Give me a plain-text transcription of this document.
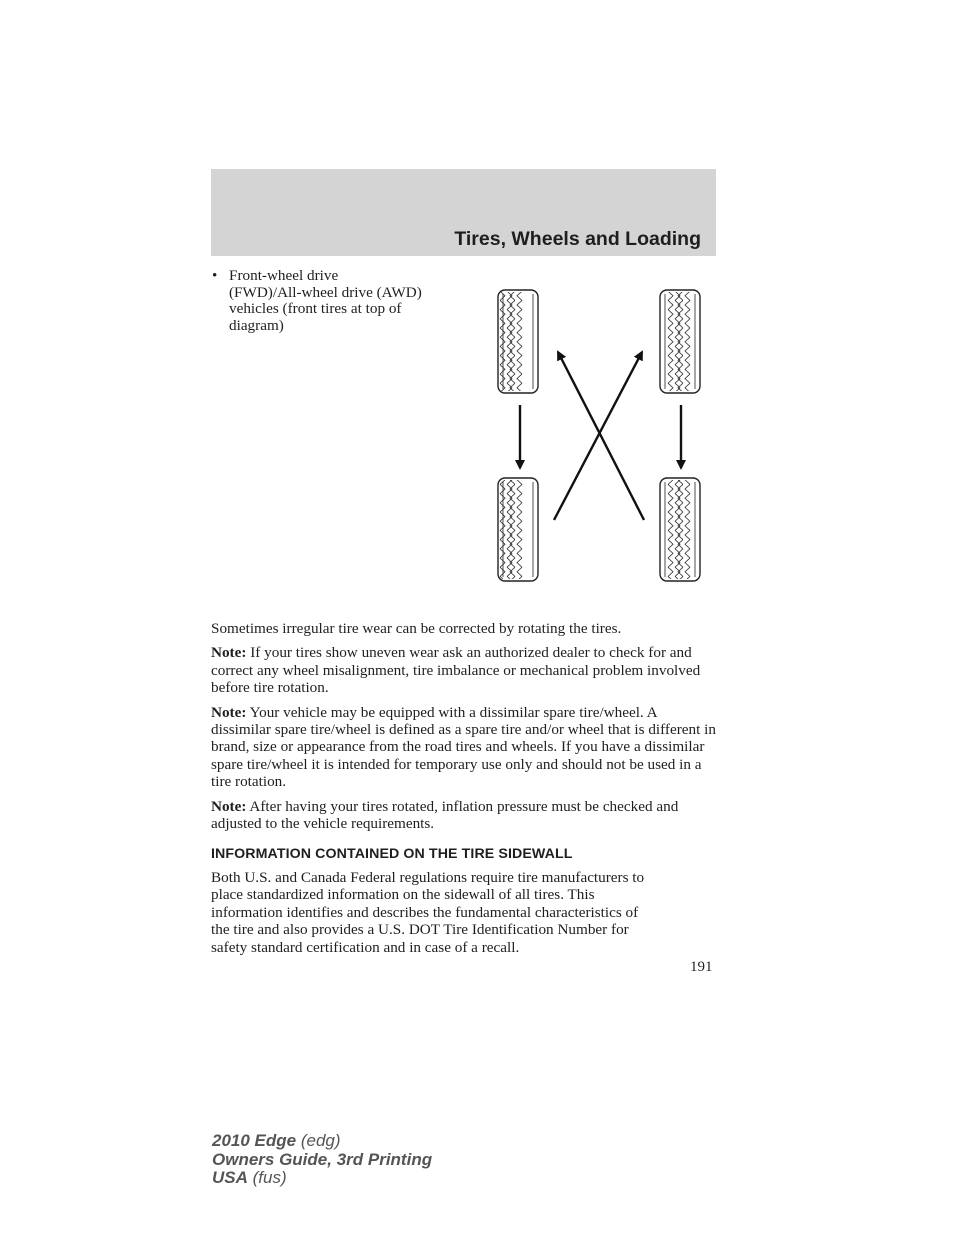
Tires, Wheels and Loading
• Front-wheel drive
(FWD)/All-wheel drive (AWD)
vehicles (front tires at top of
diagram)

Sometimes irregular tire wear can be corrected by rotating the tires.

Note: If your tires show uneven wear ask an authorized dealer to check for and correct any wheel misalignment, tire imbalance or mechanical problem involved before tire rotation.

Note: Your vehicle may be equipped with a dissimilar spare tire/wheel. A dissimilar spare tire/wheel is defined as a spare tire and/or wheel that is different in brand, size or appearance from the road tires and wheels. If you have a dissimilar spare tire/wheel it is intended for temporary use only and should not be used in a tire rotation.

Note: After having your tires rotated, inflation pressure must be checked and adjusted to the vehicle requirements.

INFORMATION CONTAINED ON THE TIRE SIDEWALL

Both U.S. and Canada Federal regulations require tire manufacturers to
place standardized information on the sidewall of all tires. This
information identifies and describes the fundamental characteristics of
the tire and also provides a U.S. DOT Tire Identification Number for
safety standard certification and in case of a recall.

191
2010 Edge (edg)
Owners Guide, 3rd Printing
USA (fus)
